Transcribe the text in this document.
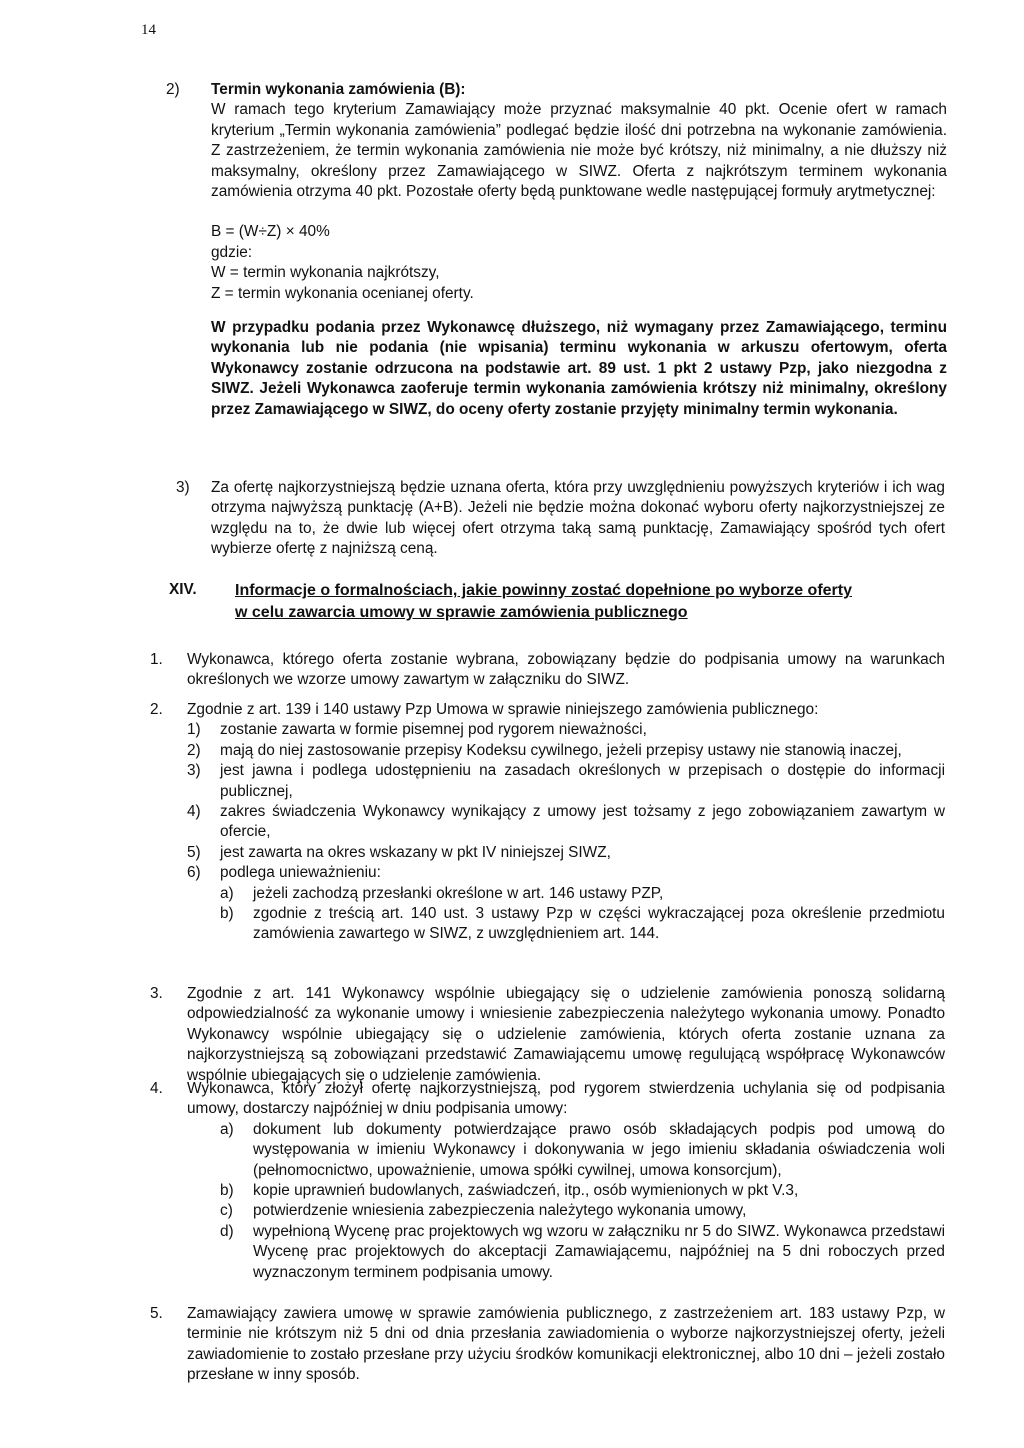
14
2)	Termin wykonania zamówienia (B):

W ramach tego kryterium Zamawiający może przyznać maksymalnie 40 pkt. Ocenie ofert w ramach kryterium „Termin wykonania zamówienia” podlegać będzie ilość dni potrzebna na wykonanie zamówienia. Z zastrzeżeniem, że termin wykonania zamówienia nie może być krótszy, niż minimalny, a nie dłuższy niż maksymalny, określony przez Zamawiającego w SIWZ. Oferta z najkrótszym terminem wykonania zamówienia otrzyma 40 pkt. Pozostałe oferty będą punktowane wedle następującej formuły arytmetycznej:

B = (W÷Z) × 40%

gdzie:

W = termin wykonania najkrótszy,

Z = termin wykonania ocenianej oferty.

W przypadku podania przez Wykonawcę dłuższego, niż wymagany przez Zamawiającego, terminu wykonania lub nie podania (nie wpisania) terminu wykonania w arkuszu ofertowym, oferta Wykonawcy zostanie odrzucona na podstawie art. 89 ust. 1 pkt 2 ustawy Pzp, jako niezgodna z SIWZ. Jeżeli Wykonawca zaoferuje termin wykonania zamówienia krótszy niż minimalny, określony przez Zamawiającego w SIWZ, do oceny oferty zostanie przyjęty minimalny termin wykonania.

3)	Za ofertę najkorzystniejszą będzie uznana oferta, która przy uwzględnieniu powyższych kryteriów i ich wag otrzyma najwyższą punktację (A+B). Jeżeli nie będzie można dokonać wyboru oferty najkorzystniejszej ze względu na to, że dwie lub więcej ofert otrzyma taką samą punktację, Zamawiający spośród tych ofert wybierze ofertę z najniższą ceną.

XIV.	Informacje o formalnościach, jakie powinny zostać dopełnione po wyborze oferty

w celu zawarcia umowy w sprawie zamówienia publicznego

1.	Wykonawca, którego oferta zostanie wybrana, zobowiązany będzie do podpisania umowy na warunkach określonych we wzorze umowy zawartym w załączniku do SIWZ.

2.	Zgodnie z art. 139 i 140 ustawy Pzp Umowa w sprawie niniejszego zamówienia publicznego:

1)	zostanie zawarta w formie pisemnej pod rygorem nieważności,
2)	mają do niej zastosowanie przepisy Kodeksu cywilnego, jeżeli przepisy ustawy nie stanowią inaczej,
3)	jest jawna i podlega udostępnieniu na zasadach określonych w przepisach o dostępie do informacji publicznej,
4)	zakres świadczenia Wykonawcy wynikający z umowy jest tożsamy z jego zobowiązaniem zawartym w ofercie,
5)	jest zawarta na okres wskazany w pkt IV niniejszej SIWZ,
6)	podlega unieważnieniu:
a)	jeżeli zachodzą przesłanki określone w art. 146 ustawy PZP,
b)	zgodnie z treścią art. 140 ust. 3 ustawy Pzp w części wykraczającej poza określenie przedmiotu zamówienia zawartego w SIWZ, z uwzględnieniem art. 144.
3.	Zgodnie z art. 141 Wykonawcy wspólnie ubiegający się o udzielenie zamówienia ponoszą solidarną odpowiedzialność za wykonanie umowy i wniesienie zabezpieczenia należytego wykonania umowy. Ponadto Wykonawcy wspólnie ubiegający się o udzielenie zamówienia, których oferta zostanie uznana za najkorzystniejszą są zobowiązani przedstawić Zamawiającemu umowę regulującą współpracę Wykonawców wspólnie ubiegających się o udzielenie zamówienia.

4.	Wykonawca, który złożył ofertę najkorzystniejszą, pod rygorem stwierdzenia uchylania się od podpisania umowy, dostarczy najpóźniej w dniu podpisania umowy:

a)	dokument lub dokumenty potwierdzające prawo osób składających podpis pod umową do występowania w imieniu Wykonawcy i dokonywania w jego imieniu składania oświadczenia woli (pełnomocnictwo, upoważnienie, umowa spółki cywilnej, umowa konsorcjum),
b)	kopie uprawnień budowlanych, zaświadczeń, itp., osób wymienionych w pkt V.3,
c)	potwierdzenie wniesienia zabezpieczenia należytego wykonania umowy,
d)	wypełnioną Wycenę prac projektowych wg wzoru w załączniku nr 5 do SIWZ. Wykonawca przedstawi Wycenę prac projektowych do akceptacji Zamawiającemu, najpóźniej na 5 dni roboczych przed wyznaczonym terminem podpisania umowy.
5.	Zamawiający zawiera umowę w sprawie zamówienia publicznego, z zastrzeżeniem art. 183 ustawy Pzp, w terminie nie krótszym niż 5 dni od dnia przesłania zawiadomienia o wyborze najkorzystniejszej oferty, jeżeli zawiadomienie to zostało przesłane przy użyciu środków komunikacji elektronicznej, albo 10 dni – jeżeli zostało przesłane w inny sposób.
